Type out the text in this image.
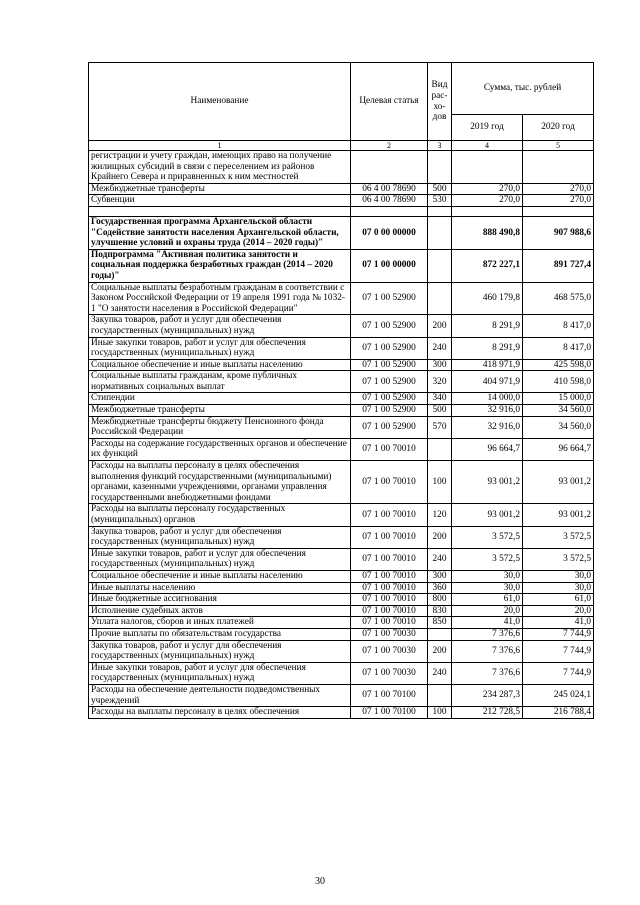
Наименование	Целевая статья	Вид рас- хо- дов	Сумма, тыс. рублей	
			2019 год	2020 год
1	2	3	4	5
регистрации и учету граждан, имеющих право на получение жилищных субсидий в связи с переселением из районов Крайнего Севера и приравненных к ним местностей				
Межбюджетные трансферты	06 4 00 78690	500	270,0	270,0
Субвенции	06 4 00 78690	530	270,0	270,0

Государственная программа Архангельской области "Содействие занятости населения Архангельской области, улучшение условий и охраны труда (2014 – 2020 годы)"	07 0 00 00000		888 490,8	907 988,6
Подпрограмма "Активная политика занятости и социальная поддержка безработных граждан (2014 – 2020 годы)"	07 1 00 00000		872 227,1	891 727,4
Социальные выплаты безработным гражданам в соответствии с Законом Российской Федерации от 19 апреля 1991 года № 1032-1 "О занятости населения в Российской Федерации"	07 1 00 52900		460 179,8	468 575,0
Закупка товаров, работ и услуг для обеспечения государственных (муниципальных) нужд	07 1 00 52900	200	8 291,9	8 417,0
Иные закупки товаров, работ и услуг для обеспечения государственных (муниципальных) нужд	07 1 00 52900	240	8 291,9	8 417,0
Социальное обеспечение и иные выплаты населению	07 1 00 52900	300	418 971,9	425 598,0
Социальные выплаты гражданам, кроме публичных нормативных социальных выплат	07 1 00 52900	320	404 971,9	410 598,0
Стипендии	07 1 00 52900	340	14 000,0	15 000,0
Межбюджетные трансферты	07 1 00 52900	500	32 916,0	34 560,0
Межбюджетные трансферты бюджету Пенсионного фонда Российской Федерации	07 1 00 52900	570	32 916,0	34 560,0
Расходы на содержание государственных органов и обеспечение их функций	07 1 00 70010		96 664,7	96 664,7
Расходы на выплаты персоналу в целях обеспечения выполнения функций государственными (муниципальными) органами, казенными учреждениями, органами управления государственными внебюджетными фондами	07 1 00 70010	100	93 001,2	93 001,2
Расходы на выплаты персоналу государственных (муниципальных) органов	07 1 00 70010	120	93 001,2	93 001,2
Закупка товаров, работ и услуг для обеспечения государственных (муниципальных) нужд	07 1 00 70010	200	3 572,5	3 572,5
Иные закупки товаров, работ и услуг для обеспечения государственных (муниципальных) нужд	07 1 00 70010	240	3 572,5	3 572,5
Социальное обеспечение и иные выплаты населению	07 1 00 70010	300	30,0	30,0
Иные выплаты населению	07 1 00 70010	360	30,0	30,0
Иные бюджетные ассигнования	07 1 00 70010	800	61,0	61,0
Исполнение судебных актов	07 1 00 70010	830	20,0	20,0
Уплата налогов, сборов и иных платежей	07 1 00 70010	850	41,0	41,0
Прочие выплаты по обязательствам государства	07 1 00 70030		7 376,6	7 744,9
Закупка товаров, работ и услуг для обеспечения государственных (муниципальных) нужд	07 1 00 70030	200	7 376,6	7 744,9
Иные закупки товаров, работ и услуг для обеспечения государственных (муниципальных) нужд	07 1 00 70030	240	7 376,6	7 744,9
Расходы на обеспечение деятельности подведомственных учреждений	07 1 00 70100		234 287,3	245 024,1
Расходы на выплаты персоналу в целях обеспечения	07 1 00 70100	100	212 728,5	216 788,4
30
